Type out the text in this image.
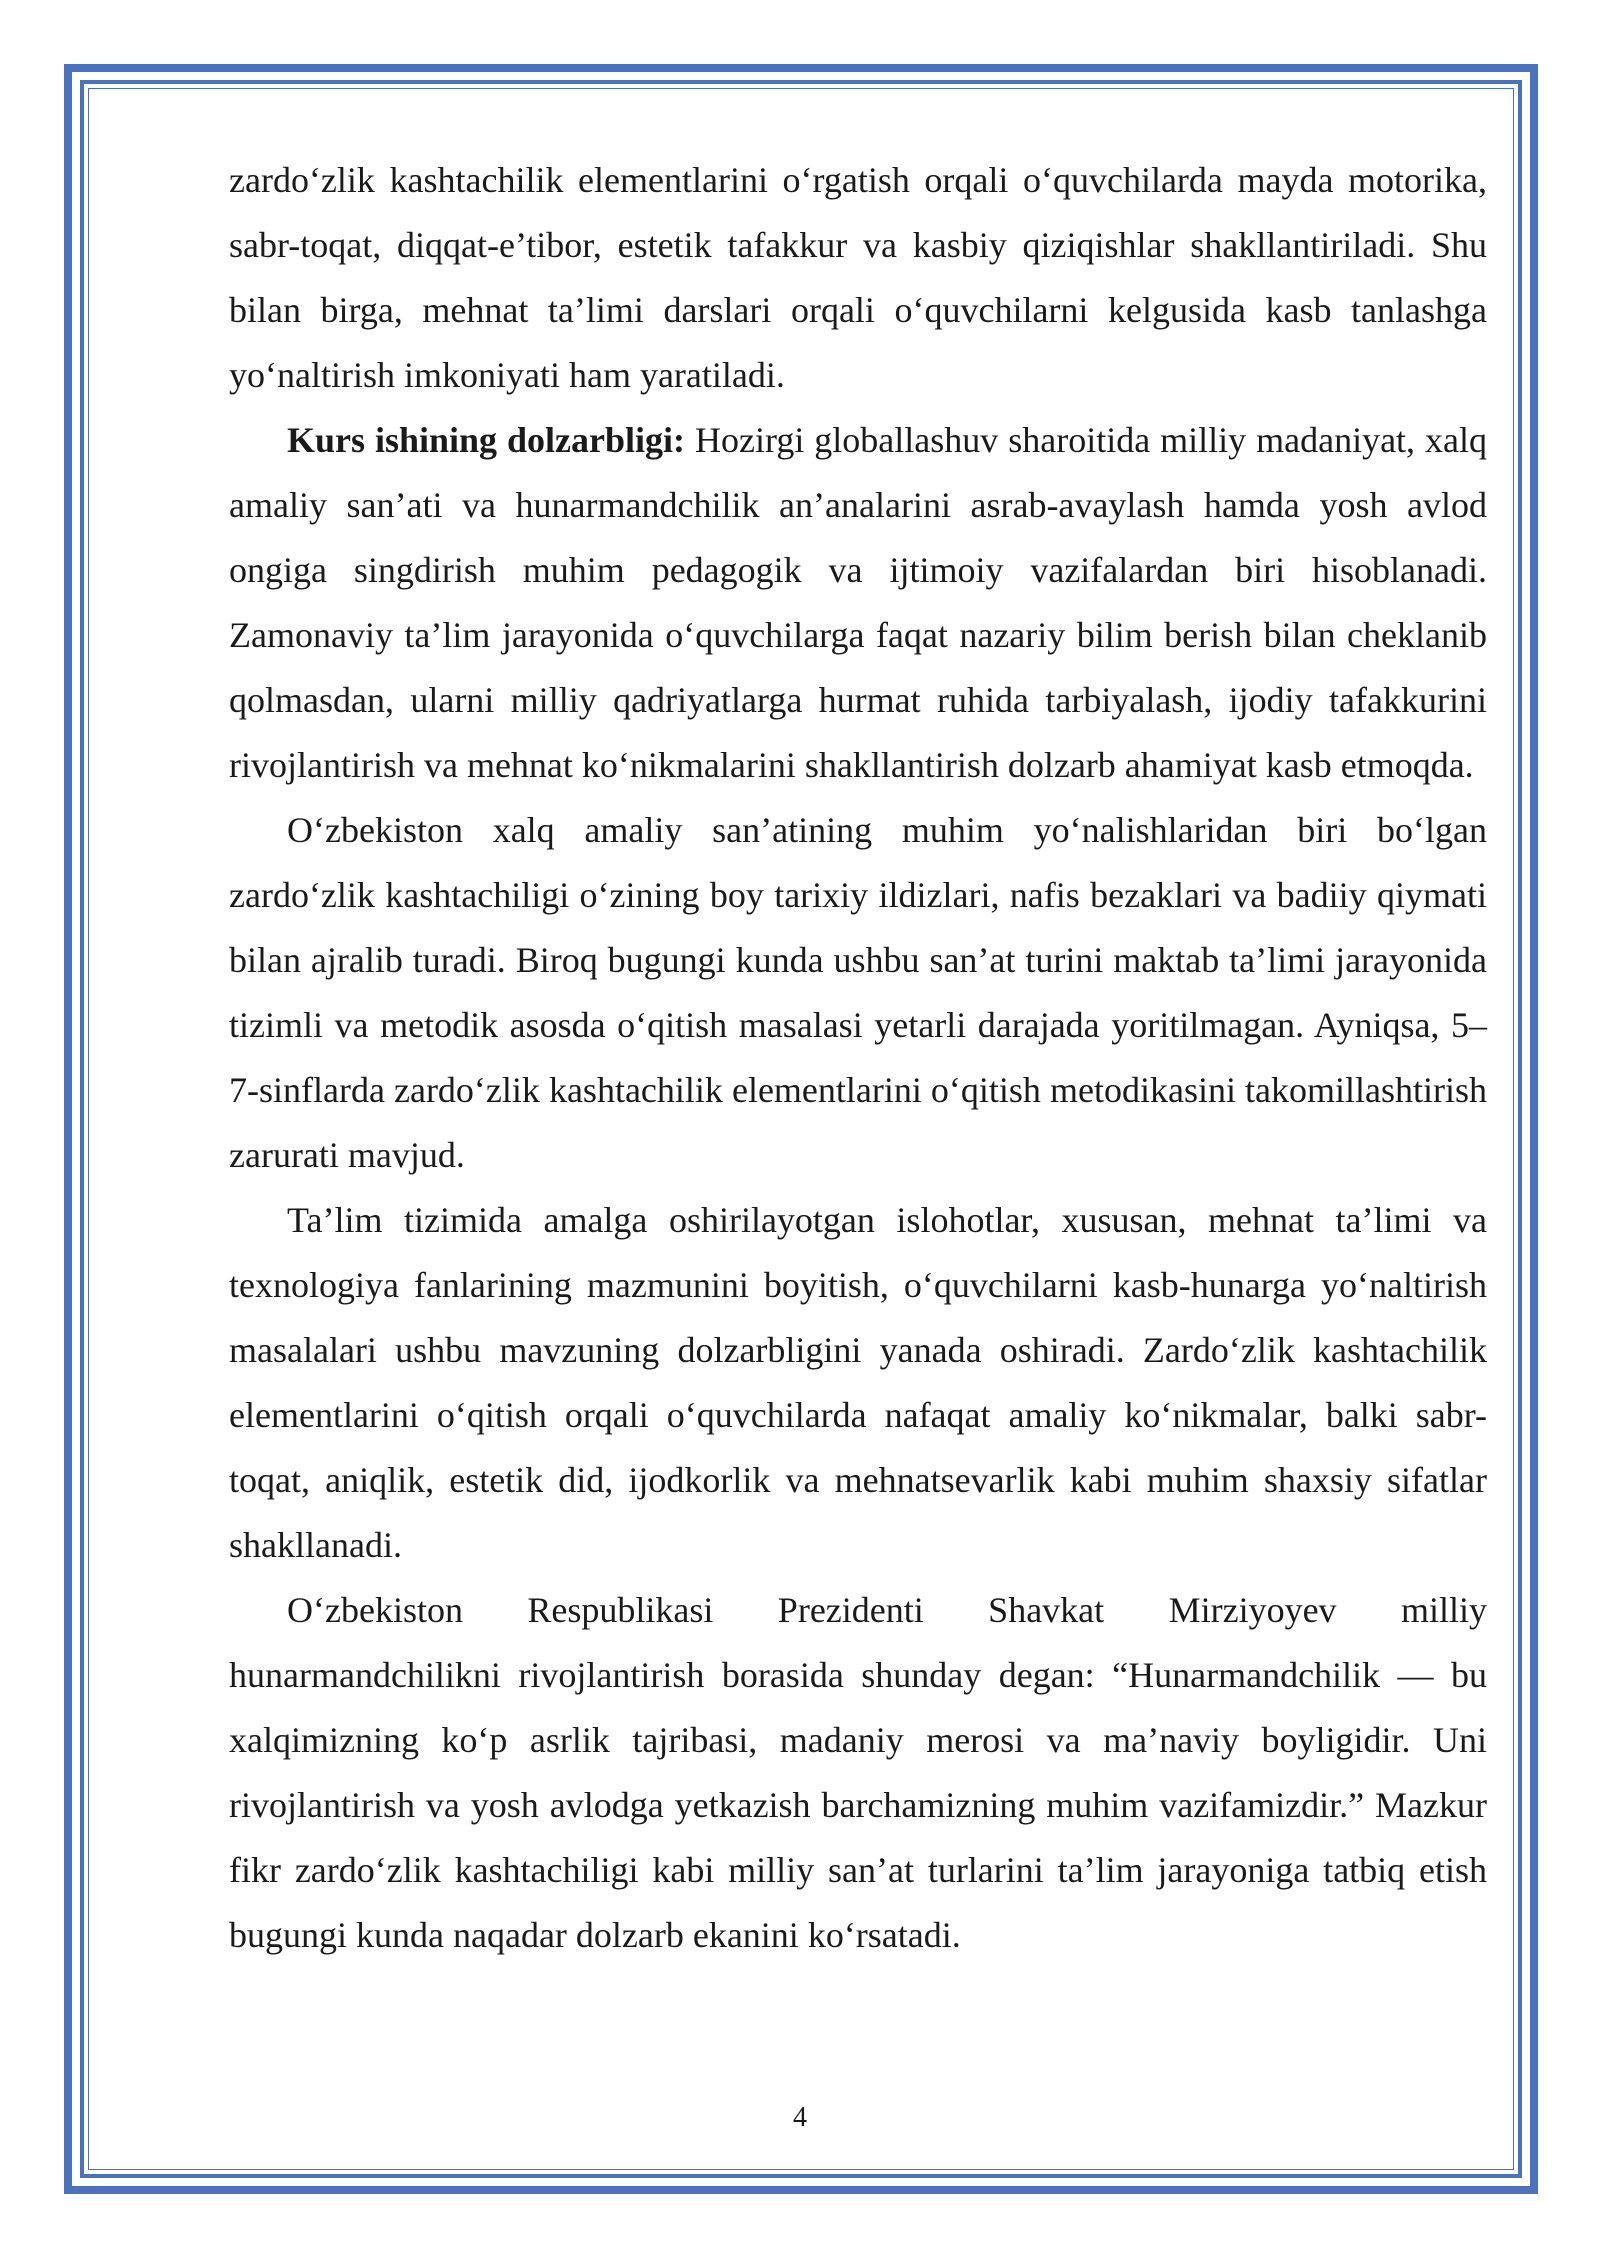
zardo‘zlik kashtachilik elementlarini o‘rgatish orqali o‘quvchilarda mayda motorika, sabr-toqat, diqqat-e’tibor, estetik tafakkur va kasbiy qiziqishlar shakllantiriladi. Shu bilan birga, mehnat ta’limi darslari orqali o‘quvchilarni kelgusida kasb tanlashga yo‘naltirish imkoniyati ham yaratiladi.

Kurs ishining dolzarbligi: Hozirgi globallashuv sharoitida milliy madaniyat, xalq amaliy san’ati va hunarmandchilik an’analarini asrab-avaylash hamda yosh avlod ongiga singdirish muhim pedagogik va ijtimoiy vazifalardan biri hisoblanadi. Zamonaviy ta’lim jarayonida o‘quvchilarga faqat nazariy bilim berish bilan cheklanib qolmasdan, ularni milliy qadriyatlarga hurmat ruhida tarbiyalash, ijodiy tafakkurini rivojlantirish va mehnat ko‘nikmalarini shakllantirish dolzarb ahamiyat kasb etmoqda.

O‘zbekiston xalq amaliy san’atining muhim yo‘nalishlaridan biri bo‘lgan zardo‘zlik kashtachiligi o‘zining boy tarixiy ildizlari, nafis bezaklari va badiiy qiymati bilan ajralib turadi. Biroq bugungi kunda ushbu san’at turini maktab ta’limi jarayonida tizimli va metodik asosda o‘qitish masalasi yetarli darajada yoritilmagan. Ayniqsa, 5–7-sinflarda zardo‘zlik kashtachilik elementlarini o‘qitish metodikasini takomillashtirish zarurati mavjud.

Ta’lim tizimida amalga oshirilayotgan islohotlar, xususan, mehnat ta’limi va texnologiya fanlarining mazmunini boyitish, o‘quvchilarni kasb-hunarga yo‘naltirish masalalari ushbu mavzuning dolzarbligini yanada oshiradi. Zardo‘zlik kashtachilik elementlarini o‘qitish orqali o‘quvchilarda nafaqat amaliy ko‘nikmalar, balki sabr-toqat, aniqlik, estetik did, ijodkorlik va mehnatsevarlik kabi muhim shaxsiy sifatlar shakllanadi.

O‘zbekiston Respublikasi Prezidenti Shavkat Mirziyoyev milliy hunarmandchilikni rivojlantirish borasida shunday degan: “Hunarmandchilik — bu xalqimizning ko‘p asrlik tajribasi, madaniy merosi va ma’naviy boyligidir. Uni rivojlantirish va yosh avlodga yetkazish barchamizning muhim vazifamizdir.” Mazkur fikr zardo‘zlik kashtachiligi kabi milliy san’at turlarini ta’lim jarayoniga tatbiq etish bugungi kunda naqadar dolzarb ekanini ko‘rsatadi.

4
